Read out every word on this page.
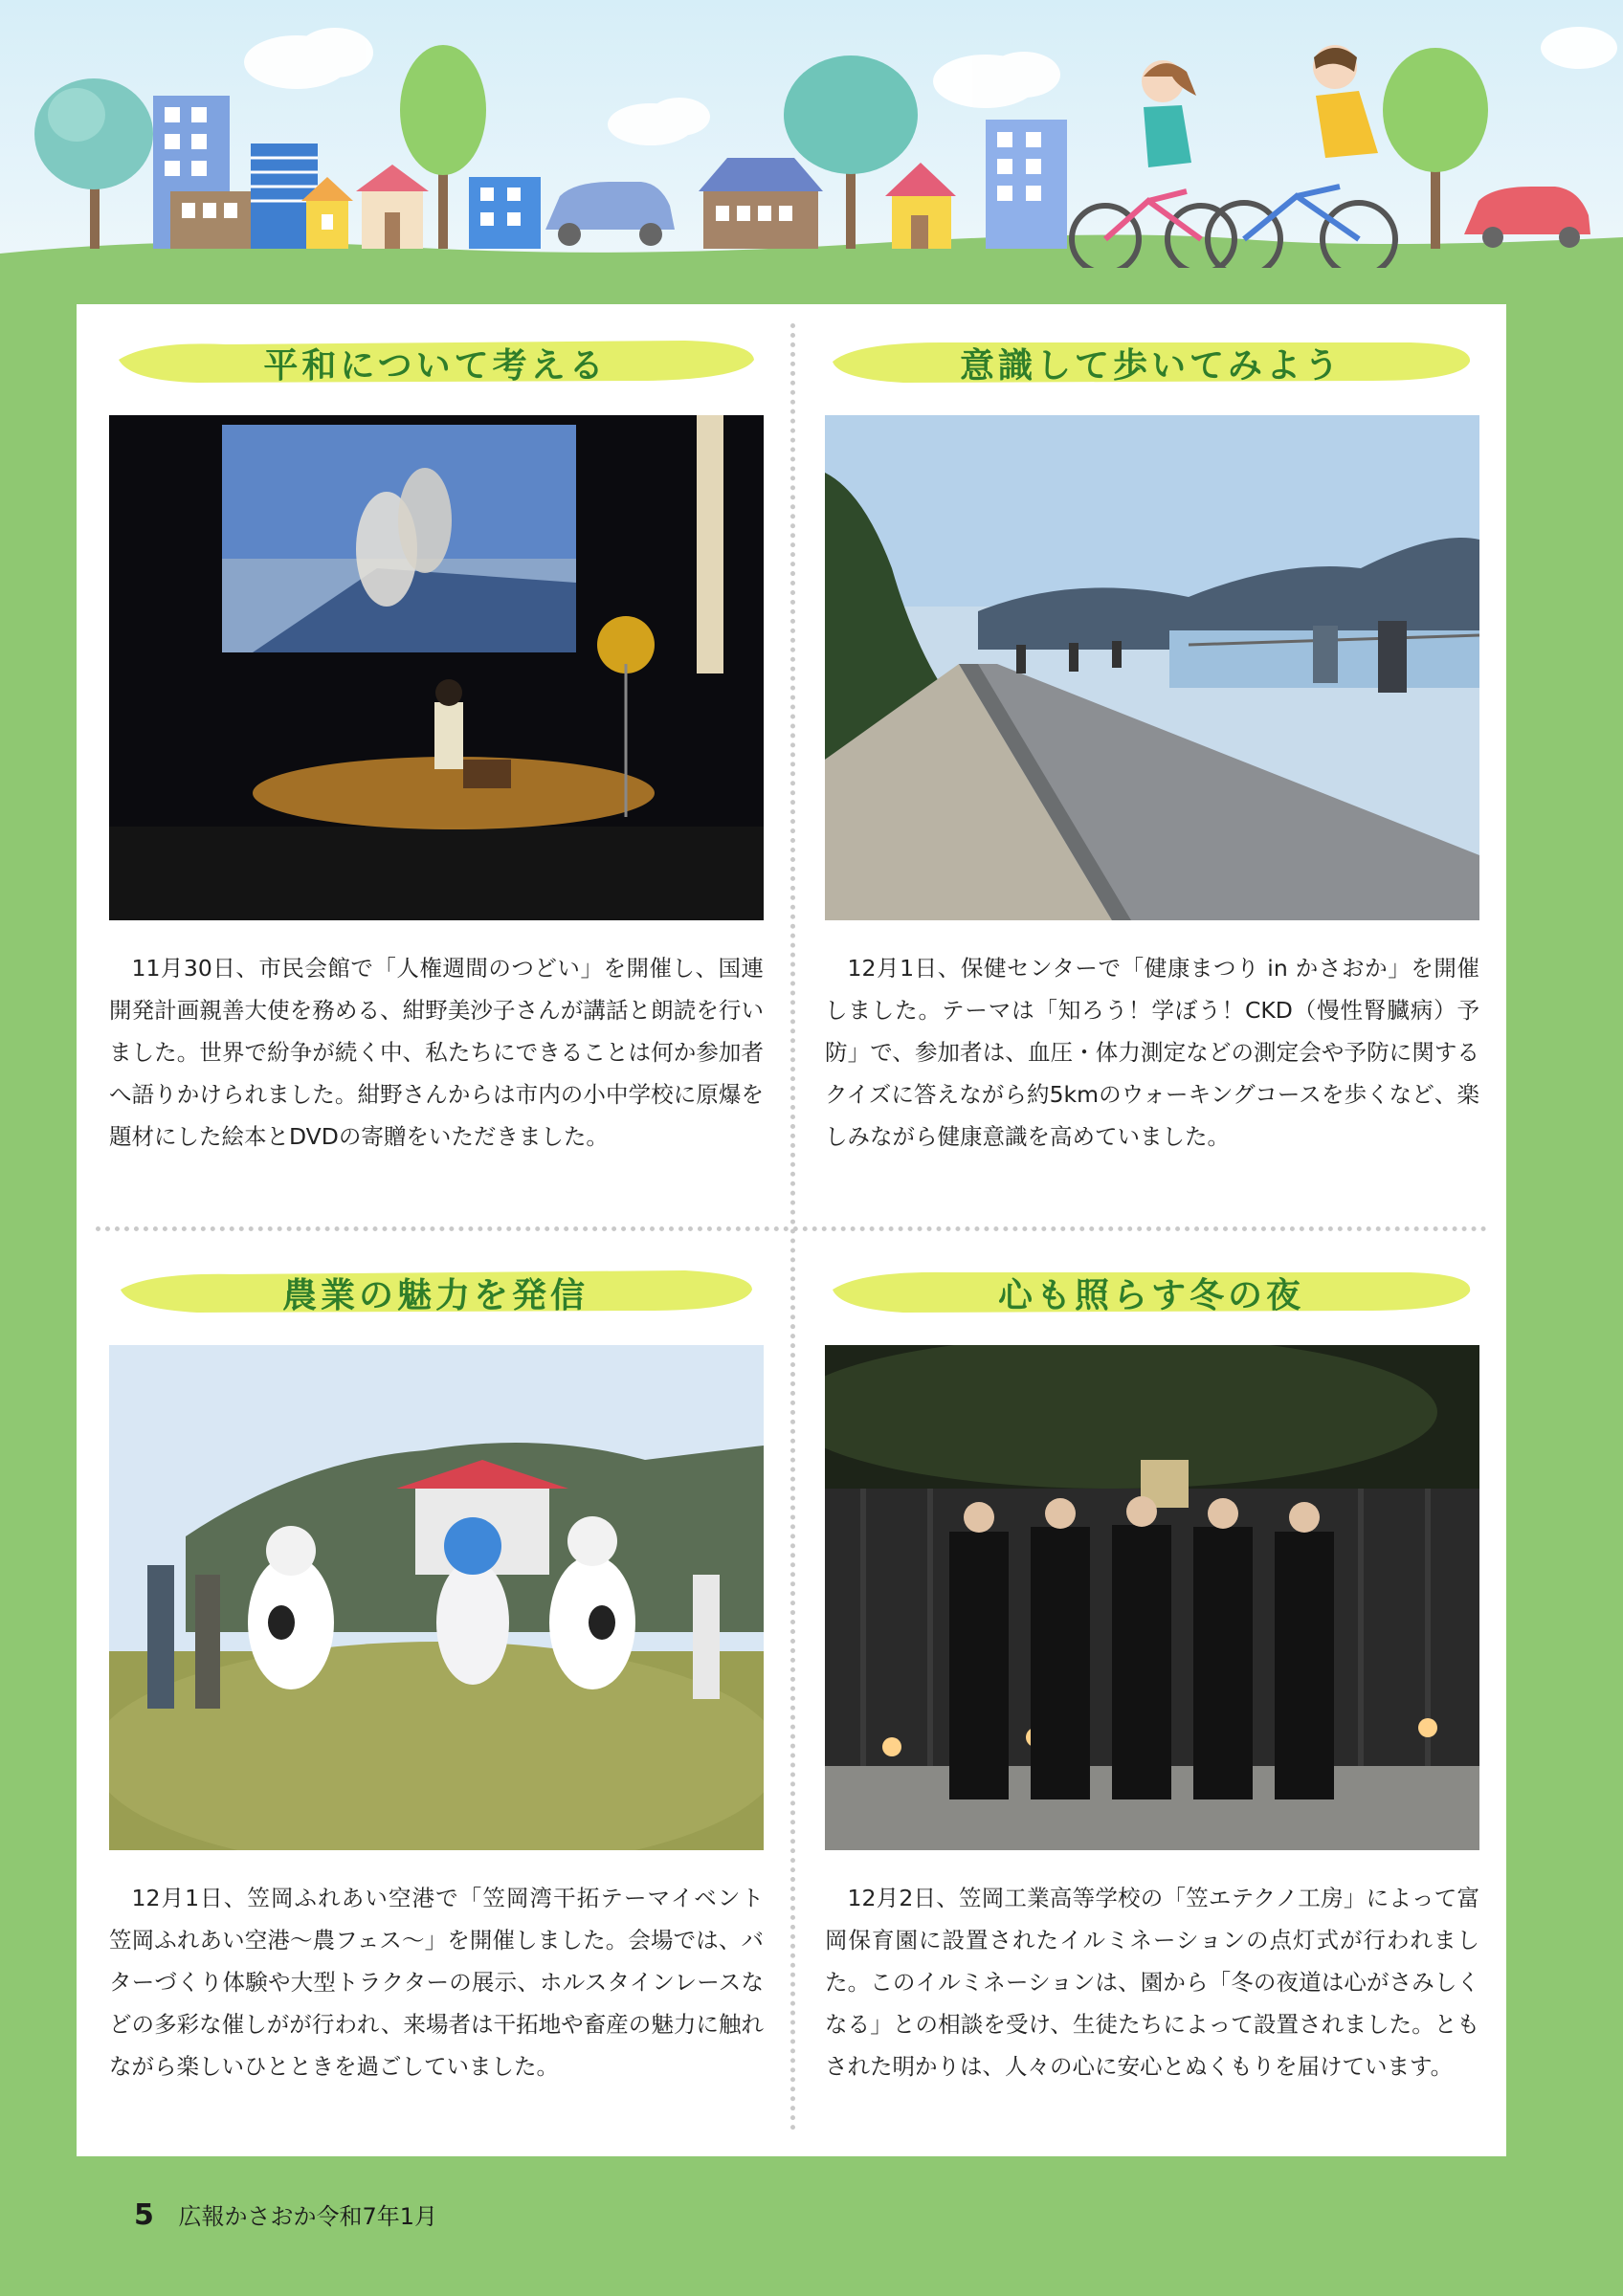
平和について考える
11月30日、市民会館で「人権週間のつどい」を開催し、国連開発計画親善大使を務める、紺野美沙子さんが講話と朗読を行いました。世界で紛争が続く中、私たちにできることは何か参加者へ語りかけられました。紺野さんからは市内の小中学校に原爆を題材にした絵本とDVDの寄贈をいただきました。
意識して歩いてみよう
12月1日、保健センターで「健康まつり in かさおか」を開催しました。テーマは「知ろう！学ぼう！CKD（慢性腎臓病）予防」で、参加者は、血圧・体力測定などの測定会や予防に関するクイズに答えながら約5kmのウォーキングコースを歩くなど、楽しみながら健康意識を高めていました。
農業の魅力を発信
12月1日、笠岡ふれあい空港で「笠岡湾干拓テーマイベント　笠岡ふれあい空港～農フェス～」を開催しました。会場では、バターづくり体験や大型トラクターの展示、ホルスタインレースなどの多彩な催しがが行われ、来場者は干拓地や畜産の魅力に触れながら楽しいひとときを過ごしていました。
心も照らす冬の夜
12月2日、笠岡工業高等学校の「笠エテクノ工房」によって富岡保育園に設置されたイルミネーションの点灯式が行われました。このイルミネーションは、園から「冬の夜道は心がさみしくなる」との相談を受け、生徒たちによって設置されました。ともされた明かりは、人々の心に安心とぬくもりを届けています。
5 広報かさおか令和7年1月
